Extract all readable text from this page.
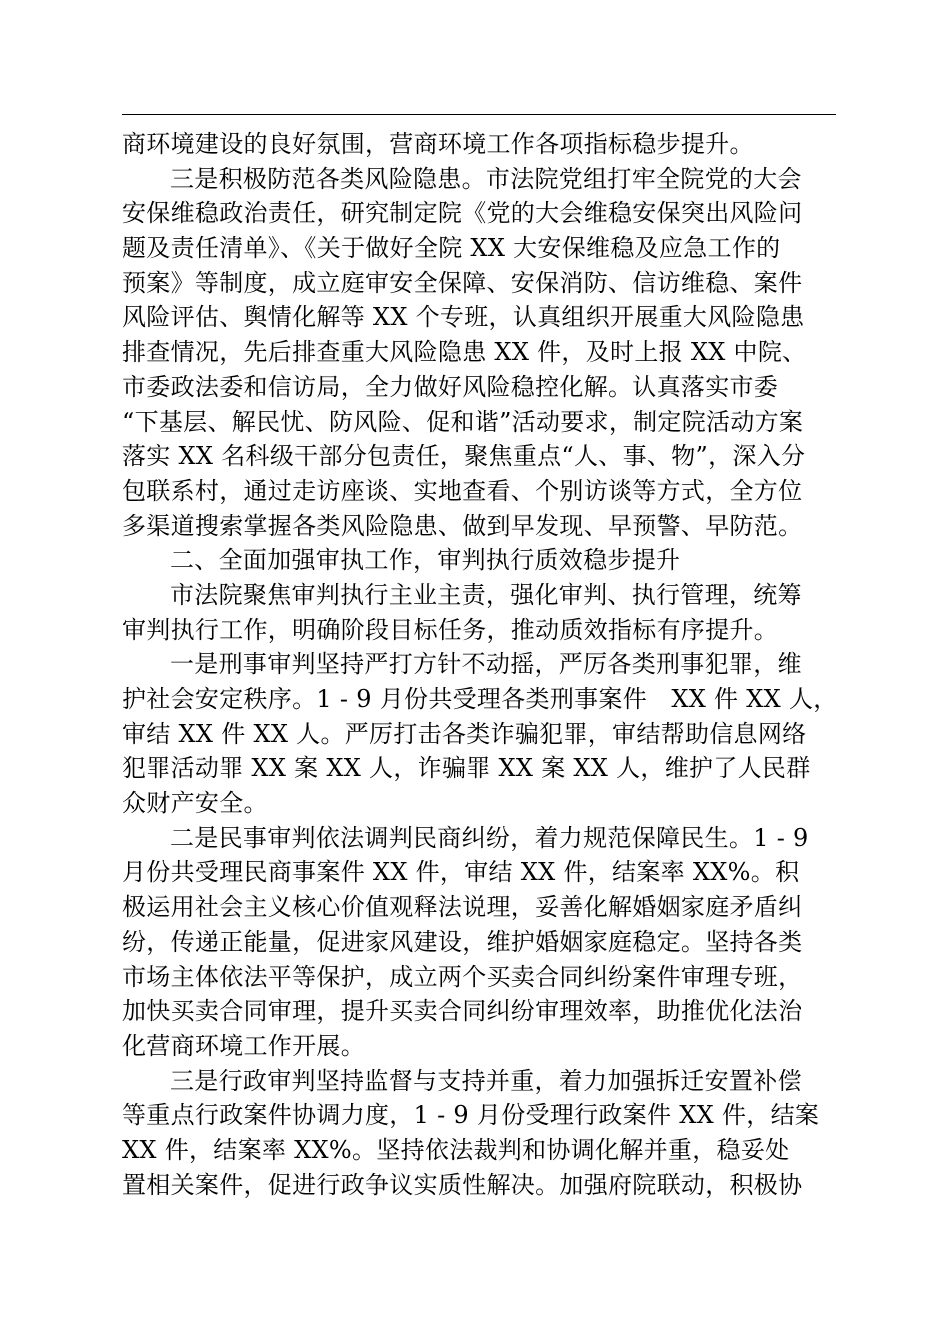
商环境建设的良好氛围，营商环境工作各项指标稳步提升。
三是积极防范各类风险隐患。市法院党组打牢全院党的大会
安保维稳政治责任，研究制定院《党的大会维稳安保突出风险问
题及责任清单》、《关于做好全院 XX 大安保维稳及应急工作的
预案》等制度，成立庭审安全保障、安保消防、信访维稳、案件
风险评估、舆情化解等 XX 个专班，认真组织开展重大风险隐患
排查情况，先后排查重大风险隐患 XX 件，及时上报 XX 中院、
市委政法委和信访局，全力做好风险稳控化解。认真落实市委
“下基层、解民忧、防风险、促和谐”活动要求，制定院活动方案
落实 XX 名科级干部分包责任，聚焦重点“人、事、物”，深入分
包联系村，通过走访座谈、实地查看、个别访谈等方式，全方位
多渠道搜索掌握各类风险隐患、做到早发现、早预警、早防范。
二、全面加强审执工作，审判执行质效稳步提升
市法院聚焦审判执行主业主责，强化审判、执行管理，统筹
审判执行工作，明确阶段目标任务，推动质效指标有序提升。
一是刑事审判坚持严打方针不动摇，严厉各类刑事犯罪，维
护社会安定秩序。1 - 9 月份共受理各类刑事案件　XX 件 XX 人，
审结 XX 件 XX 人。严厉打击各类诈骗犯罪，审结帮助信息网络
犯罪活动罪 XX 案 XX 人，诈骗罪 XX 案 XX 人，维护了人民群
众财产安全。
二是民事审判依法调判民商纠纷，着力规范保障民生。1 - 9
月份共受理民商事案件 XX 件，审结 XX 件，结案率 XX%。积
极运用社会主义核心价值观释法说理，妥善化解婚姻家庭矛盾纠
纷，传递正能量，促进家风建设，维护婚姻家庭稳定。坚持各类
市场主体依法平等保护，成立两个买卖合同纠纷案件审理专班，
加快买卖合同审理，提升买卖合同纠纷审理效率，助推优化法治
化营商环境工作开展。
三是行政审判坚持监督与支持并重，着力加强拆迁安置补偿
等重点行政案件协调力度，1 - 9 月份受理行政案件 XX 件，结案
XX 件，结案率 XX%。坚持依法裁判和协调化解并重，稳妥处
置相关案件，促进行政争议实质性解决。加强府院联动，积极协
